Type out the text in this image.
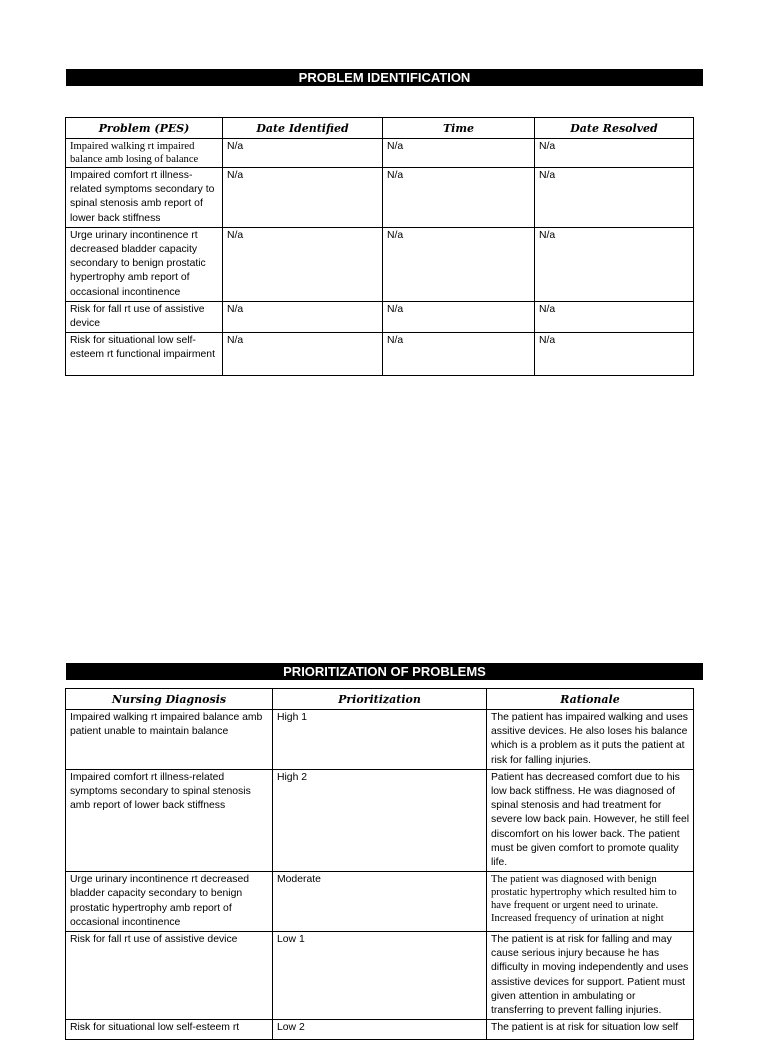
PROBLEM IDENTIFICATION
Problem (PES)	Date Identified	Time	Date Resolved
Impaired walking rt impaired balance amb losing of balance	N/a	N/a	N/a
Impaired comfort rt illness-related symptoms secondary to spinal stenosis amb report of lower back stiffness	N/a	N/a	N/a
Urge urinary incontinence rt decreased bladder capacity secondary to benign prostatic hypertrophy amb report of occasional incontinence	N/a	N/a	N/a
Risk for fall rt use of assistive device	N/a	N/a	N/a
Risk for situational low self-esteem rt functional impairment	N/a	N/a	N/a
PRIORITIZATION OF PROBLEMS
Nursing Diagnosis	Prioritization	Rationale
Impaired walking rt impaired balance amb patient unable to maintain balance	High 1	The patient has impaired walking and uses assitive devices. He also loses his balance which is a problem as it puts the patient at risk for falling injuries.
Impaired comfort rt illness-related symptoms secondary to spinal stenosis amb report of lower back stiffness	High 2	Patient has decreased comfort due to his low back stiffness. He was diagnosed of spinal stenosis and had treatment for severe low back pain. However, he still feel discomfort on his lower back. The patient must be given comfort to promote quality life.
Urge urinary incontinence rt decreased bladder capacity secondary to benign prostatic hypertrophy amb report of occasional incontinence	Moderate	The patient was diagnosed with benign prostatic hypertrophy which resulted him to have frequent or urgent need to urinate. Increased frequency of urination at night
Risk for fall rt use of assistive device	Low 1	The patient is at risk for falling and may cause serious injury because he has difficulty in moving independently and uses assistive devices for support. Patient must given attention in ambulating or transferring to prevent falling injuries.
Risk for situational low self-esteem rt	Low 2	The patient is at risk for situation low self
